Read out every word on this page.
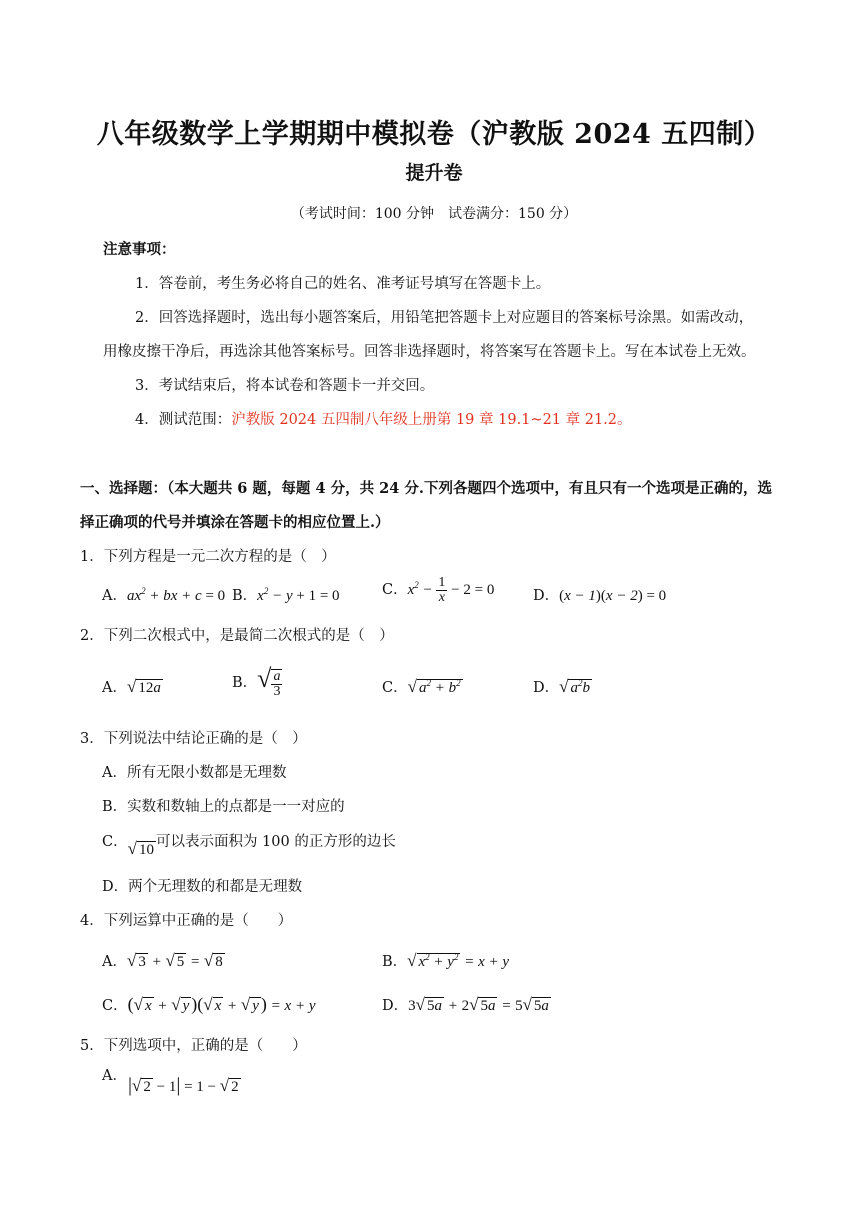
八年级数学上学期期中模拟卷（沪教版 2024 五四制）
提升卷
（考试时间：100 分钟　试卷满分：150 分）
注意事项：
1．答卷前，考生务必将自己的姓名、准考证号填写在答题卡上。
2．回答选择题时，选出每小题答案后，用铅笔把答题卡上对应题目的答案标号涂黑。如需改动，
用橡皮擦干净后，再选涂其他答案标号。回答非选择题时，将答案写在答题卡上。写在本试卷上无效。
3．考试结束后，将本试卷和答题卡一并交回。
4．测试范围：沪教版 2024 五四制八年级上册第 19 章 19.1~21 章 21.2。
一、选择题：（本大题共 6 题，每题 4 分，共 24 分.下列各题四个选项中，有且只有一个选项是正确的，选
择正确项的代号并填涂在答题卡的相应位置上.）
1．下列方程是一元二次方程的是（　）
A．$ax^2$ + bx + c = 0 B．$x^2 - y + 1 = 0$	C．$x^2 - \frac{1}{x} - 2 = 0$	D．(x − 1)(x − 2) = 0
2．下列二次根式中，是最简二次根式的是（　）
A．√ 12a	B．√ $\frac{a}{3}$	C．√ $a^2 + b^2$	D．√ $a^2b$
3．下列说法中结论正确的是（　）
A．所有无限小数都是无理数
B．实数和数轴上的点都是一一对应的
C．√ 10 可以表示面积为 100 的正方形的边长
D．两个无理数的和都是无理数
4．下列运算中正确的是（　　）
A．√ 3 + √ 5 = √ 8	B．√ $x^2 + y^2 = x + y$
C．(√ x + √ y )(√ x + √ y ) = x + y	D．3√ 5a + 2√ 5a = 5√ 5a
5．下列选项中，正确的是（　　）
A． |√ 2 − 1| = 1 − √ 2
